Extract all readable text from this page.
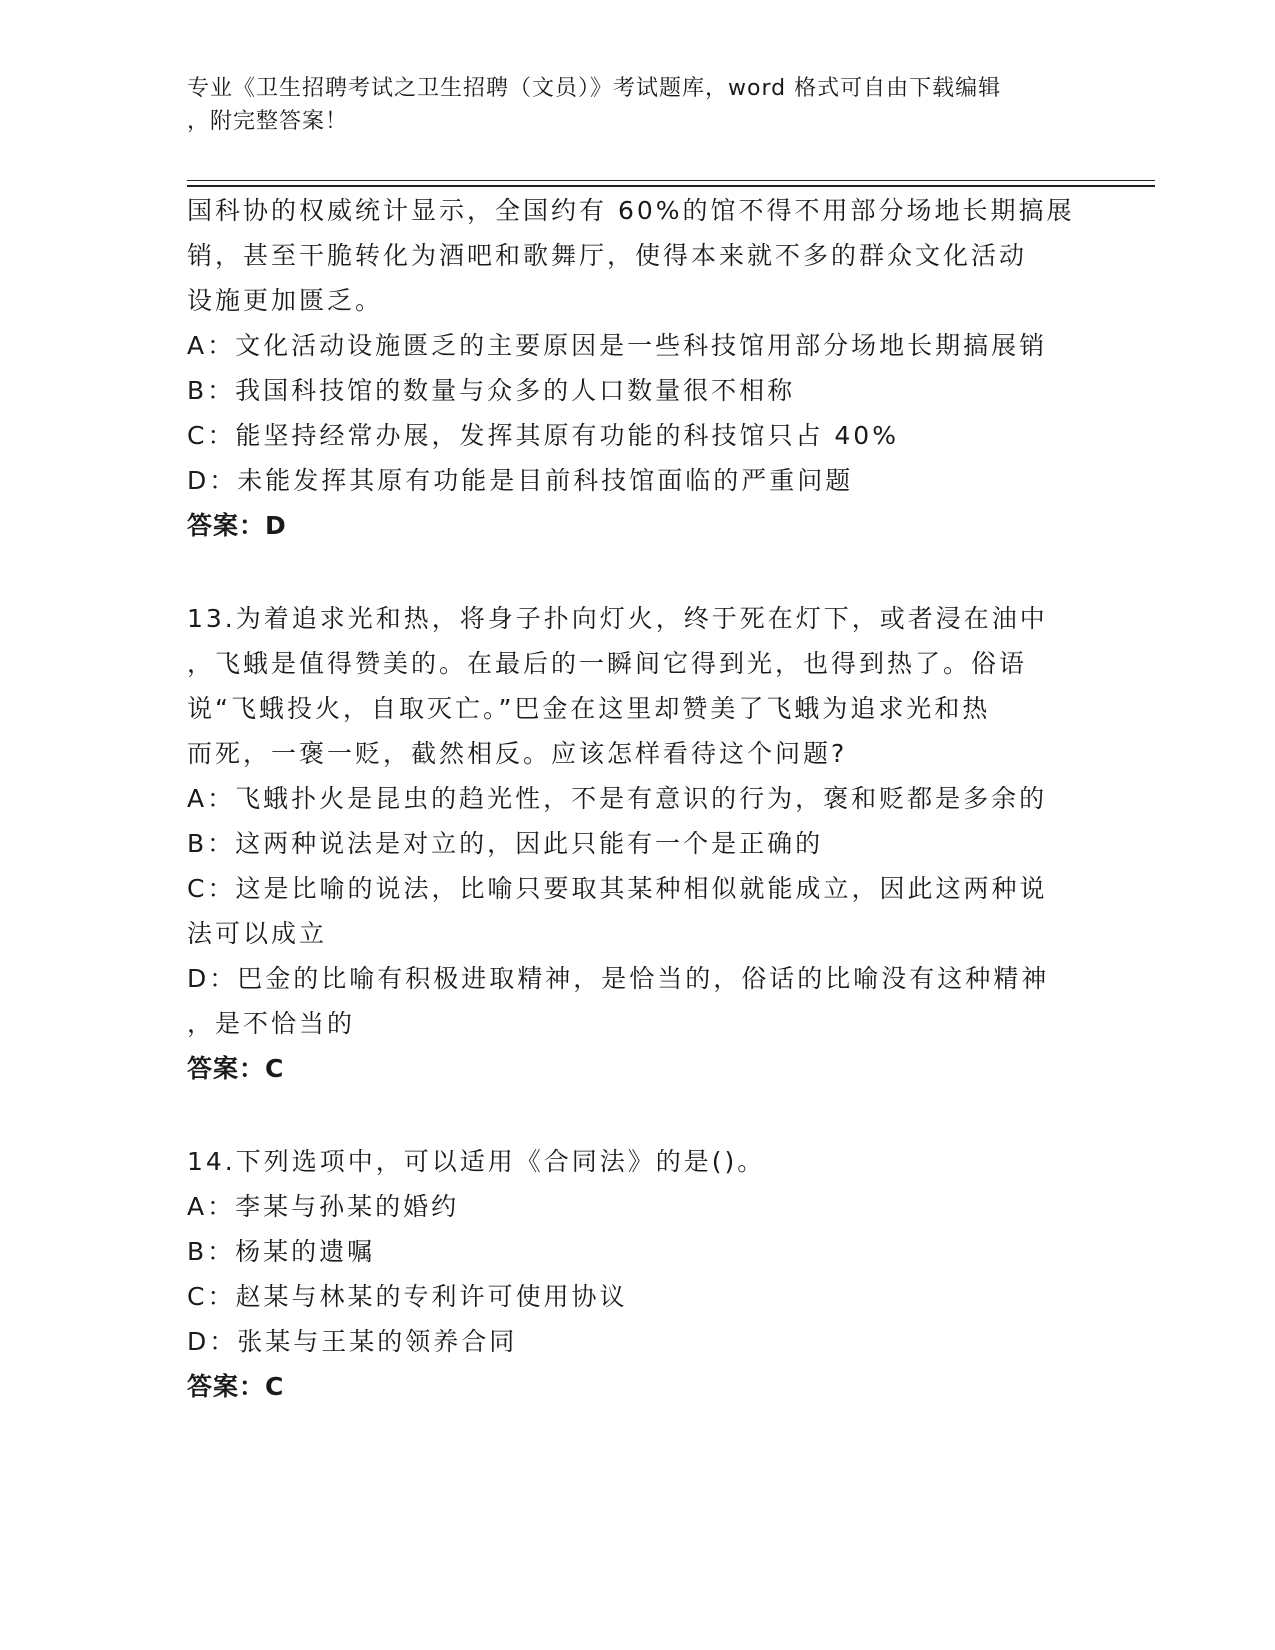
专业《卫生招聘考试之卫生招聘（文员）》考试题库，word 格式可自由下载编辑
，附完整答案！
国科协的权威统计显示，全国约有 60%的馆不得不用部分场地长期搞展
销，甚至干脆转化为酒吧和歌舞厅，使得本来就不多的群众文化活动
设施更加匮乏。
A：文化活动设施匮乏的主要原因是一些科技馆用部分场地长期搞展销
B：我国科技馆的数量与众多的人口数量很不相称
C：能坚持经常办展，发挥其原有功能的科技馆只占 40%
D：未能发挥其原有功能是目前科技馆面临的严重问题
答案：D
13.为着追求光和热，将身子扑向灯火，终于死在灯下，或者浸在油中
，飞蛾是值得赞美的。在最后的一瞬间它得到光，也得到热了。俗语
说“飞蛾投火，自取灭亡。”巴金在这里却赞美了飞蛾为追求光和热
而死，一褒一贬，截然相反。应该怎样看待这个问题?
A：飞蛾扑火是昆虫的趋光性，不是有意识的行为，褒和贬都是多余的
B：这两种说法是对立的，因此只能有一个是正确的
C：这是比喻的说法，比喻只要取其某种相似就能成立，因此这两种说
法可以成立
D：巴金的比喻有积极进取精神，是恰当的，俗话的比喻没有这种精神
，是不恰当的
答案：C
14.下列选项中，可以适用《合同法》的是()。
A：李某与孙某的婚约
B：杨某的遗嘱
C：赵某与林某的专利许可使用协议
D：张某与王某的领养合同
答案：C
